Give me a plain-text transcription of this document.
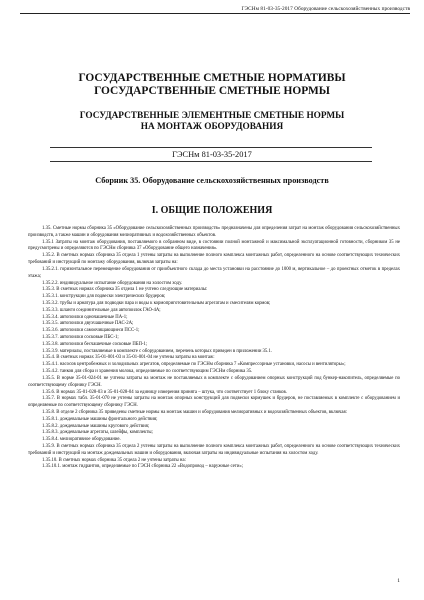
ГЭСНм 81-03-35-2017 Оборудование сельскохозяйственных производств
ГОСУДАРСТВЕННЫЕ СМЕТНЫЕ НОРМАТИВЫ
ГОСУДАРСТВЕННЫЕ СМЕТНЫЕ НОРМЫ
ГОСУДАРСТВЕННЫЕ ЭЛЕМЕНТНЫЕ СМЕТНЫЕ НОРМЫ
НА МОНТАЖ ОБОРУДОВАНИЯ
ГЭСНм 81-03-35-2017
Сборник 35. Оборудование сельскохозяйственных производств
I. ОБЩИЕ ПОЛОЖЕНИЯ

1.35. Сметные нормы сборника 35 «Оборудование сельскохозяйственных производств» предназначены для определения затрат на монтаж оборудования сельскохозяйственных производств, а также машин и оборудования мелиоративных и водохозяйственных объектов.

1.35.1 Затраты на монтаж оборудования, поставляемого в собранном виде, в состоянии полной монтажной и максимальной эксплуатационной готовности, сборником 35 не предусмотрены и определяются по ГЭСНм сборника 37 «Оборудование общего назначения».

1.35.2. В сметных нормах сборника 35 отдела 1 учтены затраты на выполнение полного комплекса монтажных работ, определенного на основе соответствующих технических требований и инструкций по монтажу оборудования, включая затраты на:

1.35.2.1. горизонтальное перемещение оборудования от приобъектного склада до места установки на расстояние до 1000 м, вертикальное – до проектных отметок в пределах этажа;

1.35.2.2. индивидуальное испытание оборудования на холостом ходу.

1.35.3. В сметных нормах сборника 35 отдела 1 не учтено следующие материалы:

1.35.3.1. конструкции для подвески электрических брудеров;

1.35.3.2. трубы и арматура для подводки пара и воды к кормоприготовительным агрегатам и смесителям кормов;

1.35.3.3. шланги соединительные для автопоилок ГАО-4А;

1.35.3.4. автопоилки одночашечные ПА-1;

1.35.3.5. автопоилки двухчашечные ПАС-2А;

1.35.3.6. автопоилки самоочищающиеся ПСС-1;

1.35.3.7. автопоилки сосковые ПБС-1;

1.35.3.8. автопоилки бесчашечные сосковые ПБП-1;

1.35.3.9. материалы, поставляемые в комплекте с оборудованием, перечень которых приведен в приложении 35.1.

1.35.4. В сметных нормах 35-01-001-03 и 35-01-001-04 не учтены затраты на монтаж:

1.35.4.1. насосов центробежных и холодильных агрегатов, определяемые по ГЭСНм сборника 7 «Компрессорные установки, насосы и вентиляторы»;

1.35.4.2. танков для сбора и хранения молока, определяемые по соответствующим ГЭСНм сборника 35.

1.35.5. В норме 35-01-024-01 не учтены затраты на монтаж не поставляемых в комплекте с оборудованием опорных конструкций под бункер-накопитель, определяемые по соответствующему сборнику ГЭСН.

1.35.6. В нормах 35-01-028-03 и 35-01-028-04 за единицу измерения принята – штука, что соответствует 1 блоку станков.

1.35.7. В нормах табл. 35-01-070 не учтены затраты на монтаж опорных конструкций для подвески кормушек и брудеров, не поставляемых в комплекте с оборудованием и определяемые по соответствующему сборнику ГЭСН.

1.35.8. В отделе 2 сборника 35 приведены сметные нормы на монтаж машин и оборудования мелиоративных и водохозяйственных объектов, включая:

1.35.8.1. дождевальные машины фронтального действия;

1.35.8.2. дождевальные машины кругового действия;

1.35.8.3. дождевальные агрегаты, шлейфы, комплекты;

1.35.8.4. мелиоративное оборудование.

1.35.9. В сметных нормах сборника 35 отдела 2 учтены затраты на выполнение полного комплекса монтажных работ, определенного на основе соответствующих технических требований и инструкций на монтаж дождевальных машин и оборудования, включая затраты на индивидуальные испытания на холостом ходу.

1.35.10. В сметных нормах сборника 35 отдела 2 не учтены затраты на:

1.35.10.1. монтаж гидрантов, определяемые по ГЭСН сборника 22 «Водопровод – наружные сети»;

1
